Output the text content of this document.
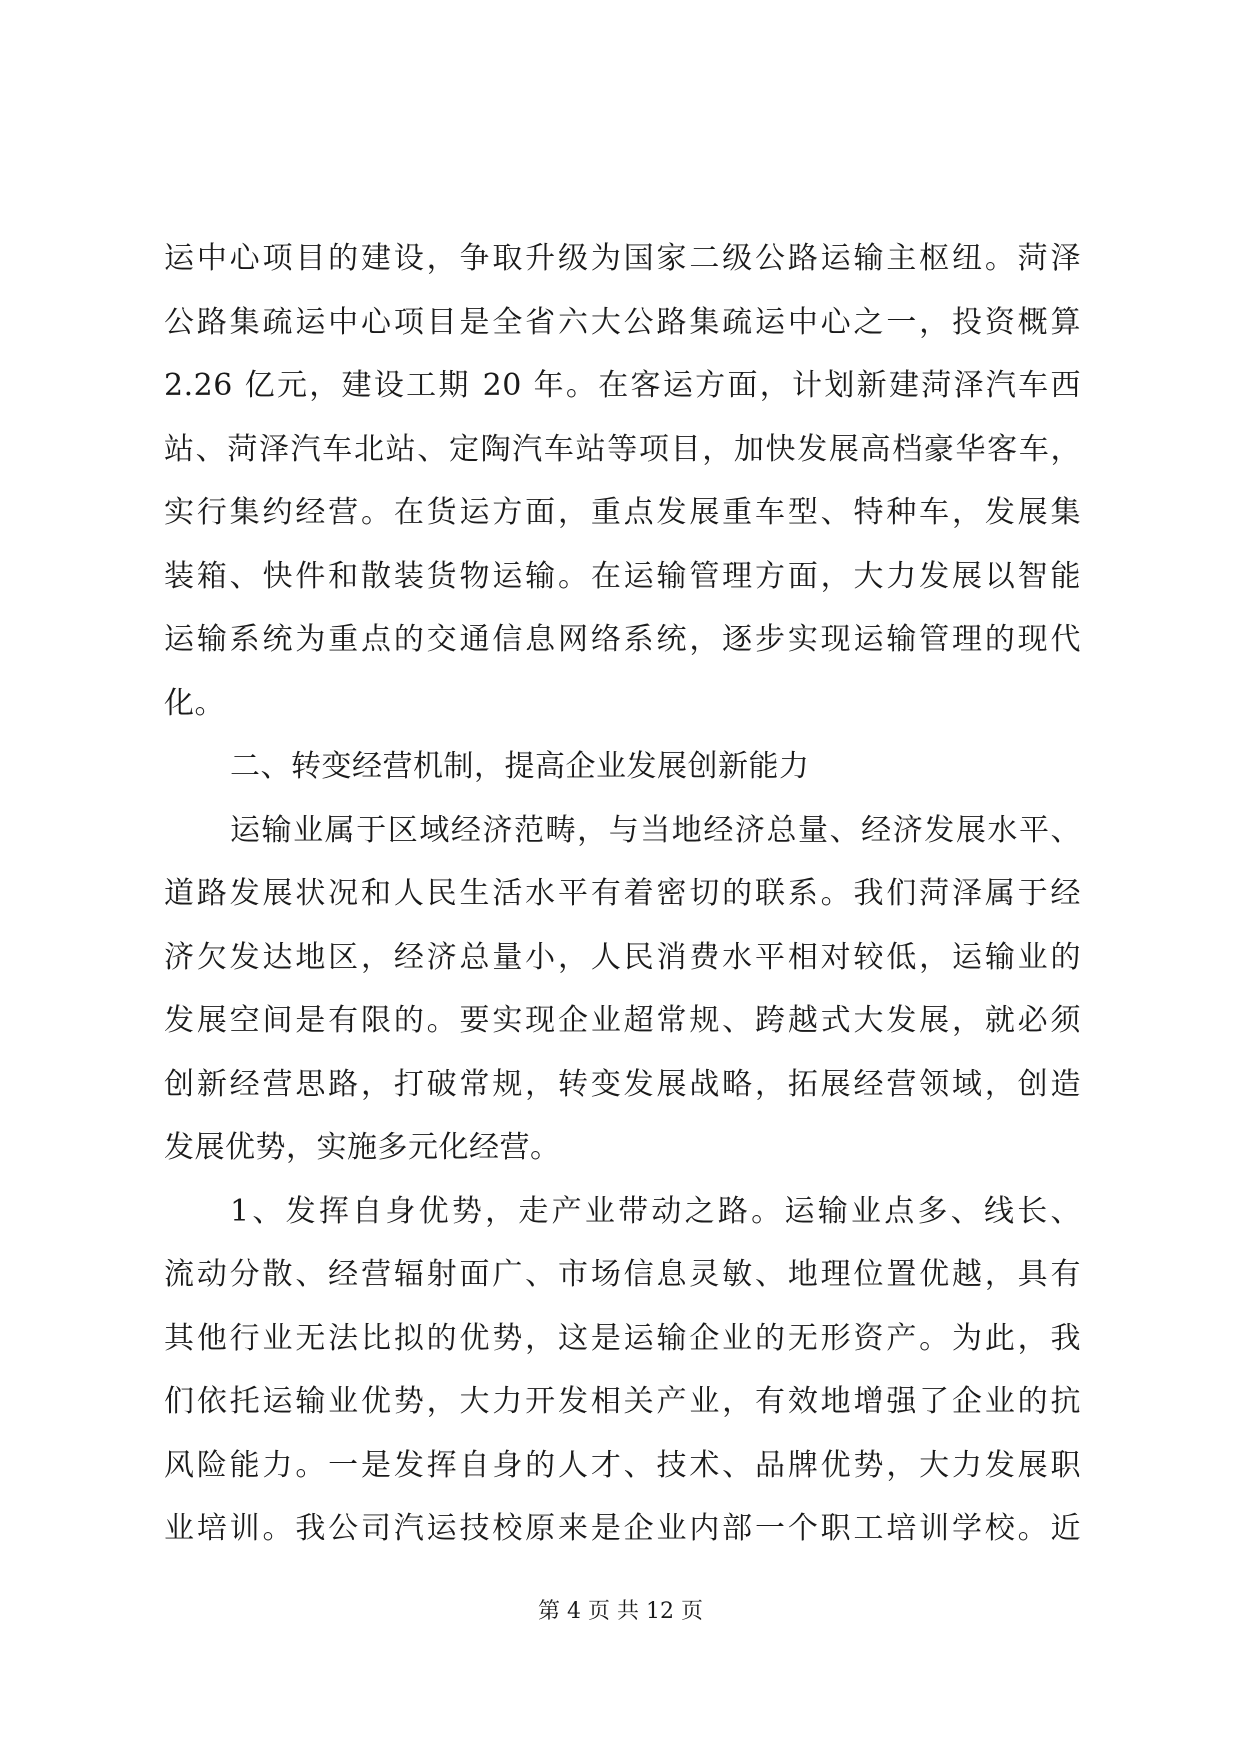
运中心项目的建设，争取升级为国家二级公路运输主枢纽。菏泽
公路集疏运中心项目是全省六大公路集疏运中心之一，投资概算
2.26 亿元，建设工期 20 年。在客运方面，计划新建菏泽汽车西
站、菏泽汽车北站、定陶汽车站等项目，加快发展高档豪华客车，
实行集约经营。在货运方面，重点发展重车型、特种车，发展集
装箱、快件和散装货物运输。在运输管理方面，大力发展以智能
运输系统为重点的交通信息网络系统，逐步实现运输管理的现代
化。
二、转变经营机制，提高企业发展创新能力
运输业属于区域经济范畴，与当地经济总量、经济发展水平、
道路发展状况和人民生活水平有着密切的联系。我们菏泽属于经
济欠发达地区，经济总量小，人民消费水平相对较低，运输业的
发展空间是有限的。要实现企业超常规、跨越式大发展，就必须
创新经营思路，打破常规，转变发展战略，拓展经营领域，创造
发展优势，实施多元化经营。
1、发挥自身优势，走产业带动之路。运输业点多、线长、
流动分散、经营辐射面广、市场信息灵敏、地理位置优越，具有
其他行业无法比拟的优势，这是运输企业的无形资产。为此，我
们依托运输业优势，大力开发相关产业，有效地增强了企业的抗
风险能力。一是发挥自身的人才、技术、品牌优势，大力发展职
业培训。我公司汽运技校原来是企业内部一个职工培训学校。近
第 4 页 共 12 页
